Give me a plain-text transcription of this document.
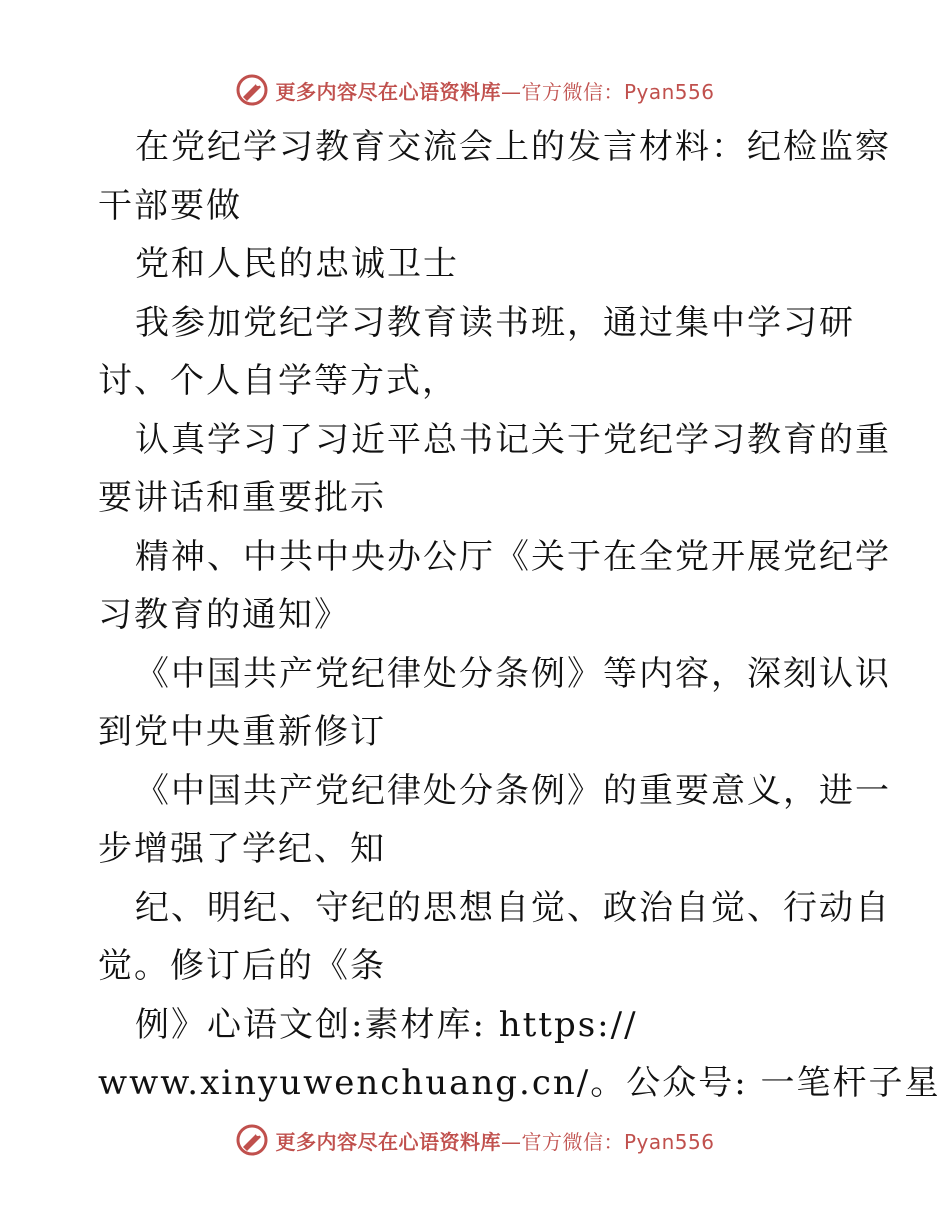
更多内容尽在心语资料库—官方微信：Pyan556
在党纪学习教育交流会上的发言材料：纪检监察
干部要做
党和人民的忠诚卫士
我参加党纪学习教育读书班，通过集中学习研
讨、个人自学等方式，
认真学习了习近平总书记关于党纪学习教育的重
要讲话和重要批示
精神、中共中央办公厅《关于在全党开展党纪学
习教育的通知》
《中国共产党纪律处分条例》等内容，深刻认识
到党中央重新修订
《中国共产党纪律处分条例》的重要意义，进一
步增强了学纪、知
纪、明纪、守纪的思想自觉、政治自觉、行动自
觉。修订后的《条
例》心语文创:素材库: https://
www.xinyuwenchuang.cn/。公众号: 一笔杆子星
更多内容尽在心语资料库—官方微信：Pyan556
